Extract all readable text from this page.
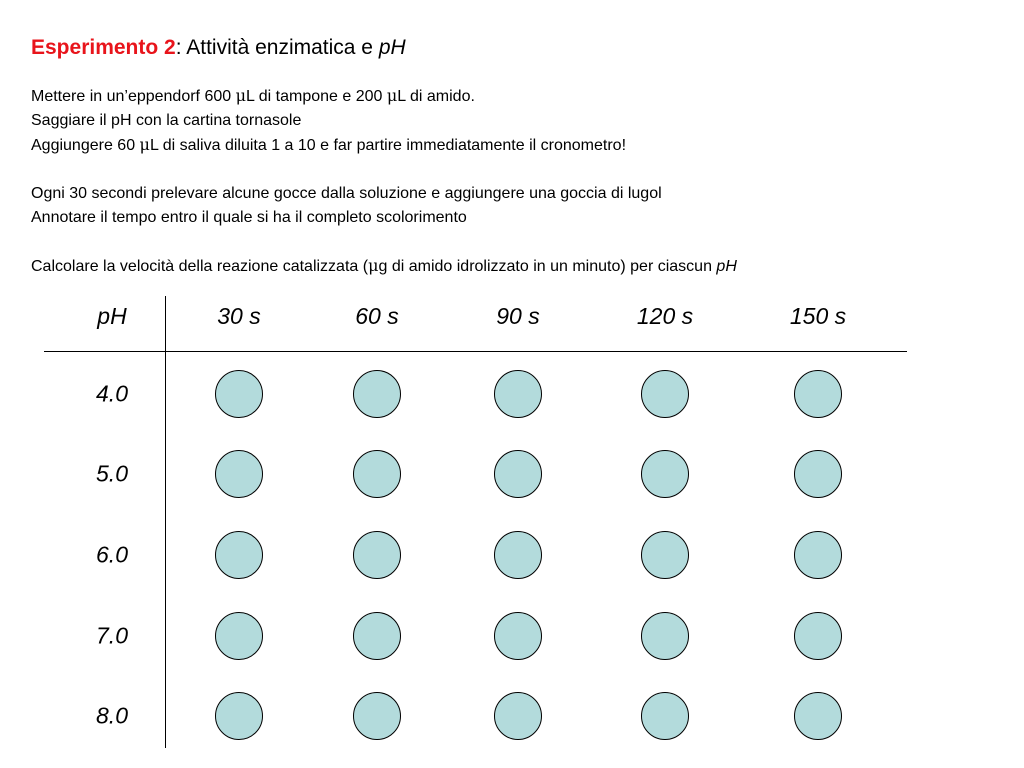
Esperimento 2: Attività enzimatica e pH
Mettere in un’eppendorf 600 μL di tampone e 200 μL di amido.
Saggiare il pH con la cartina tornasole
Aggiungere 60 μL di saliva diluita 1 a 10 e far partire immediatamente il cronometro!
Ogni 30 secondi prelevare alcune gocce dalla soluzione e aggiungere una goccia di lugol
Annotare il tempo entro il quale si ha il completo scolorimento
Calcolare la velocità della reazione catalizzata (μg di amido idrolizzato in un minuto) per ciascun pH
pH	30 s	60 s	90 s	120 s	150 s
4.0
5.0
6.0
7.0
8.0
